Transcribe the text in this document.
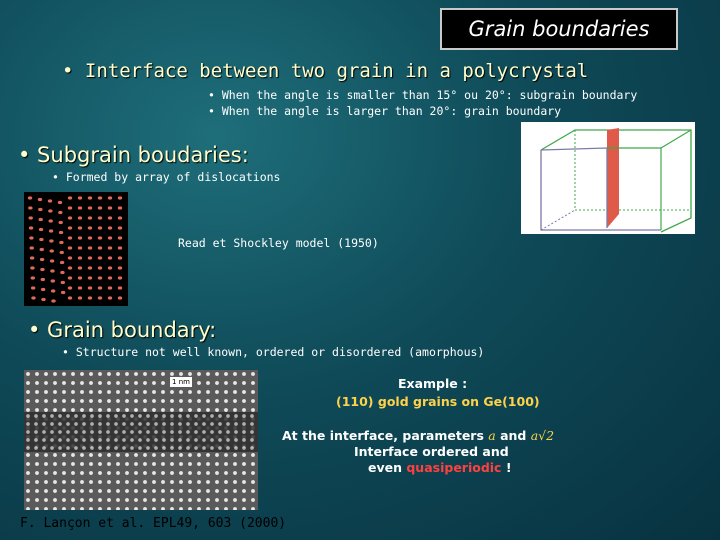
Grain boundaries
• Interface between two grain in a polycrystal
• When the angle is smaller than 15° ou 20°: subgrain boundary
• When the angle is larger than 20°: grain boundary
• Subgrain boudaries:
• Formed by array of dislocations
Read et Shockley model (1950)
• Grain boundary:
• Structure not well known, ordered or disordered (amorphous)
1 nm	Example :
(110) gold grains on Ge(100)
At the interface, parameters a and a√2
Interface ordered and
even quasiperiodic !
F. Lançon et al. EPL49, 603 (2000)
